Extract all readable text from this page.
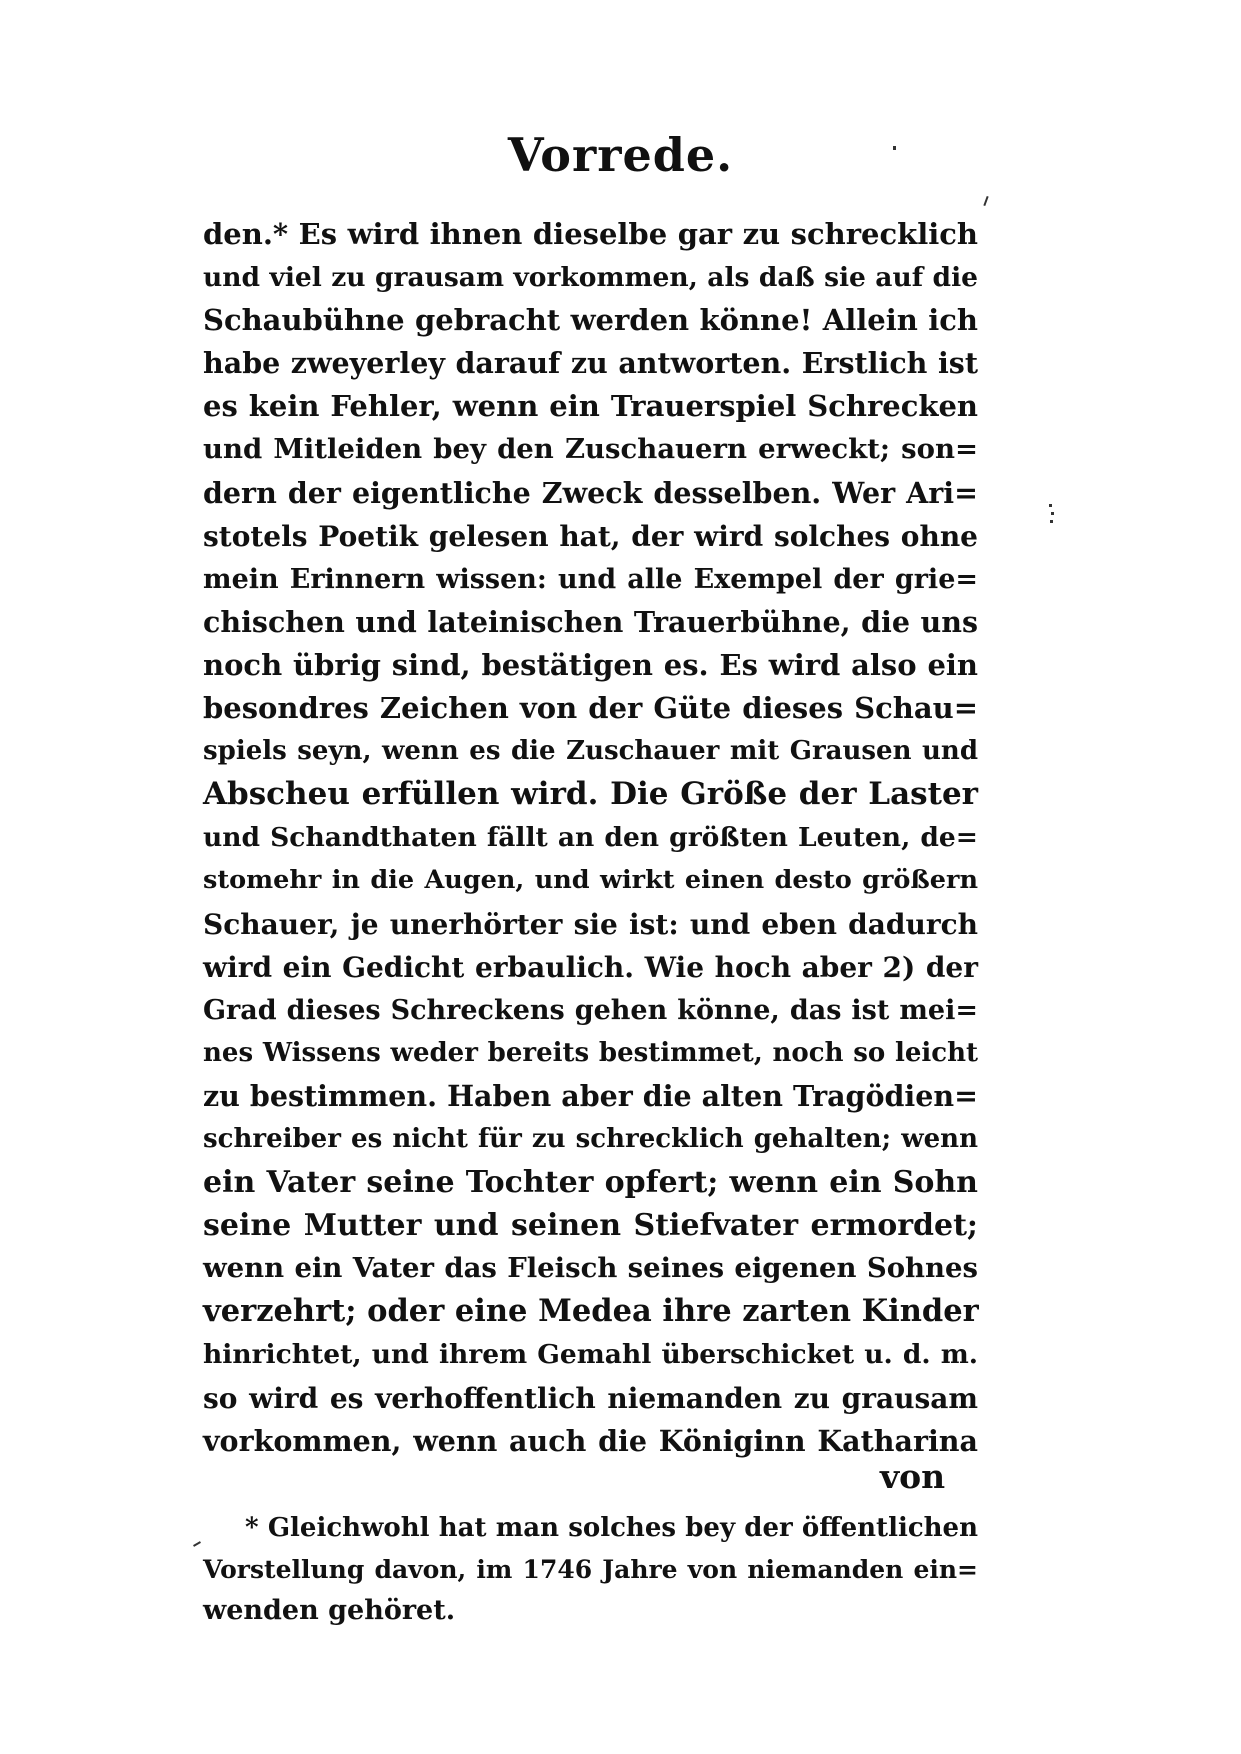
Vorrede.
den.* Es wird ihnen dieselbe gar zu schrecklich
und viel zu grausam vorkommen, als daß sie auf die
Schaubühne gebracht werden könne! Allein ich
habe zweyerley darauf zu antworten. Erstlich ist
es kein Fehler, wenn ein Trauerspiel Schrecken
und Mitleiden bey den Zuschauern erweckt; son=
dern der eigentliche Zweck desselben. Wer Ari=
stotels Poetik gelesen hat, der wird solches ohne
mein Erinnern wissen: und alle Exempel der grie=
chischen und lateinischen Trauerbühne, die uns
noch übrig sind, bestätigen es. Es wird also ein
besondres Zeichen von der Güte dieses Schau=
spiels seyn, wenn es die Zuschauer mit Grausen und
Abscheu erfüllen wird. Die Größe der Laster
und Schandthaten fällt an den größten Leuten, de=
stomehr in die Augen, und wirkt einen desto größern
Schauer, je unerhörter sie ist: und eben dadurch
wird ein Gedicht erbaulich. Wie hoch aber 2) der
Grad dieses Schreckens gehen könne, das ist mei=
nes Wissens weder bereits bestimmet, noch so leicht
zu bestimmen. Haben aber die alten Tragödien=
schreiber es nicht für zu schrecklich gehalten; wenn
ein Vater seine Tochter opfert; wenn ein Sohn
seine Mutter und seinen Stiefvater ermordet;
wenn ein Vater das Fleisch seines eigenen Sohnes
verzehrt; oder eine Medea ihre zarten Kinder
hinrichtet, und ihrem Gemahl überschicket u. d. m.
so wird es verhoffentlich niemanden zu grausam
vorkommen, wenn auch die Königinn Katharina
von
* Gleichwohl hat man solches bey der öffentlichen
Vorstellung davon, im 1746 Jahre von niemanden ein=
wenden gehöret.
